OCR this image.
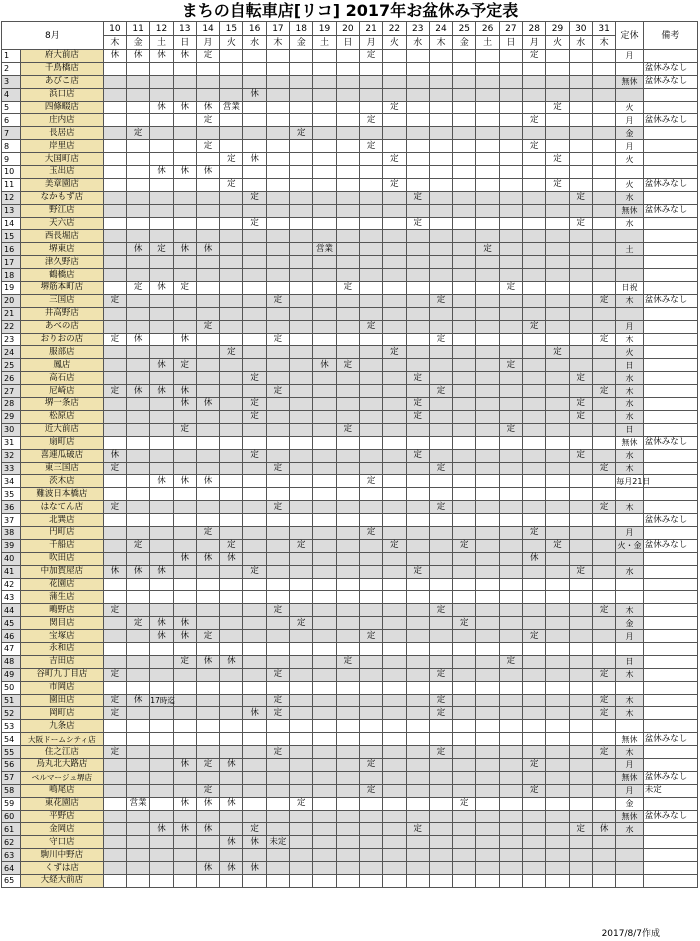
まちの自転車店[リコ] 2017年お盆休み予定表
8月		10	11	12	13	14	15	16	17	18	19	20	21	22	23	24	25	26	27	28	29	30	31	定休	備考
		木	金	土	日	月	火	水	木	金	土	日	月	火	水	木	金	土	日	月	火	水	木		
1	府大前店	休	休	休	休	定							定							定				月	
2	千鳥橋店																								盆休みなし
3	あびこ店																							無休	盆休みなし
4	浜口店							休																	
5	四條畷店			休	休	休	営業							定							定			火	
6	庄内店					定							定							定				月	盆休みなし
7	長居店		定							定														金	
8	岸里店					定							定							定				月	
9	大国町店						定	休						定							定			火	
10	玉出店			休	休	休																			
11	美章園店						定							定							定			火	盆休みなし
12	なかもず店							定							定							定		水	
13	野江店																							無休	盆休みなし
14	天六店							定							定							定		水	
15	西長堀店																								
16	堺東店		休	定	休	休					営業							定						土	
17	津久野店																								
18	鶴橋店																								
19	堺筋本町店		定	休	定							定							定					日祝	
20	三国店	定							定							定							定	木	盆休みなし
21	井高野店																								
22	あべの店					定							定							定				月	
23	おりおの店	定	休		休				定							定							定	木	
24	服部店						定							定							定			火	
25	鳳店			休	定						休	定							定					日	
26	高石店							定							定							定		水	
27	尼崎店	定	休	休	休				定							定							定	木	
28	堺一条店				休	休		定							定							定		水	
29	松原店							定							定							定		水	
30	近大前店				定							定							定					日	
31	扇町店																							無休	盆休みなし
32	喜連瓜破店	休						定							定							定		水	
33	東三国店	定							定							定							定	木	
34	茨木店			休	休	休							定											毎月21日	
35	難波日本橋店																								
36	はなてん店	定							定							定							定	木	
37	北巽店																								盆休みなし
38	円町店					定							定							定				月	
39	千船店		定				定			定				定			定				定			火・金	盆休みなし
40	吹田店				休	休	休													休					
41	中加賀屋店	休	休	休				定							定							定		水	
42	花園店																								
43	蒲生店																								
44	鴫野店	定							定							定							定	木	
45	関目店		定	休	休					定							定							金	
46	宝塚店			休	休	定							定							定				月	
47	永和店																								
48	吉田店				定	休	休					定							定					日	
49	谷町九丁目店	定							定							定							定	木	
50	市岡店																								
51	園田店	定	休	17時迄					定							定							定	木	
52	岡町店	定						休	定							定							定	木	
53	九条店																								
54	大阪ドームシティ店																							無休	盆休みなし
55	住之江店	定							定							定							定	木	
56	烏丸北大路店				休	定	休						定							定				月	
57	ベルマージュ堺店																							無休	盆休みなし
58	鳴尾店					定							定							定				月	未定
59	東花園店		営業		休	休	休			定							定							金	
60	平野店																							無休	盆休みなし
61	金岡店			休	休	休		定							定							定	休	水	
62	守口店						休	休	未定																
63	駒川中野店																								
64	くずは店					休	休	休																	
65	大経大前店																								
2017/8/7作成
